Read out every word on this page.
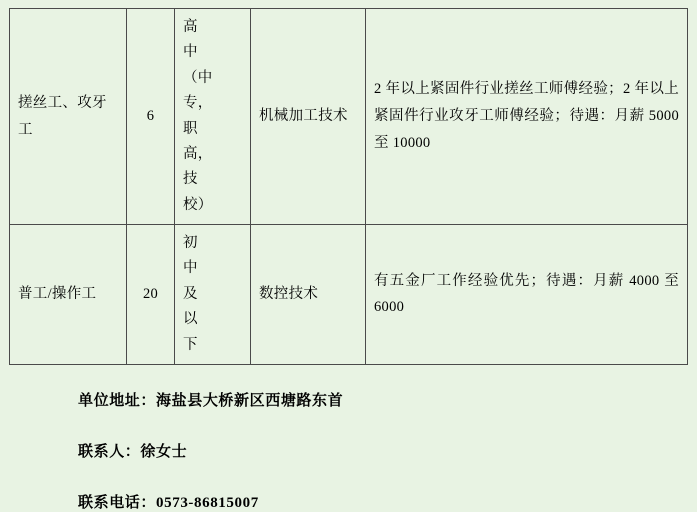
搓丝工、攻牙工	6	高中（中专，职高，技校）	机械加工技术	2 年以上紧固件行业搓丝工师傅经验；2 年以上紧固件行业攻牙工师傅经验；待遇：月薪 5000 至 10000
普工/操作工	20	初中及以下	数控技术	有五金厂工作经验优先；待遇：月薪 4000 至 6000

单位地址：海盐县大桥新区西塘路东首

联系人：徐女士

联系电话：0573-86815007
